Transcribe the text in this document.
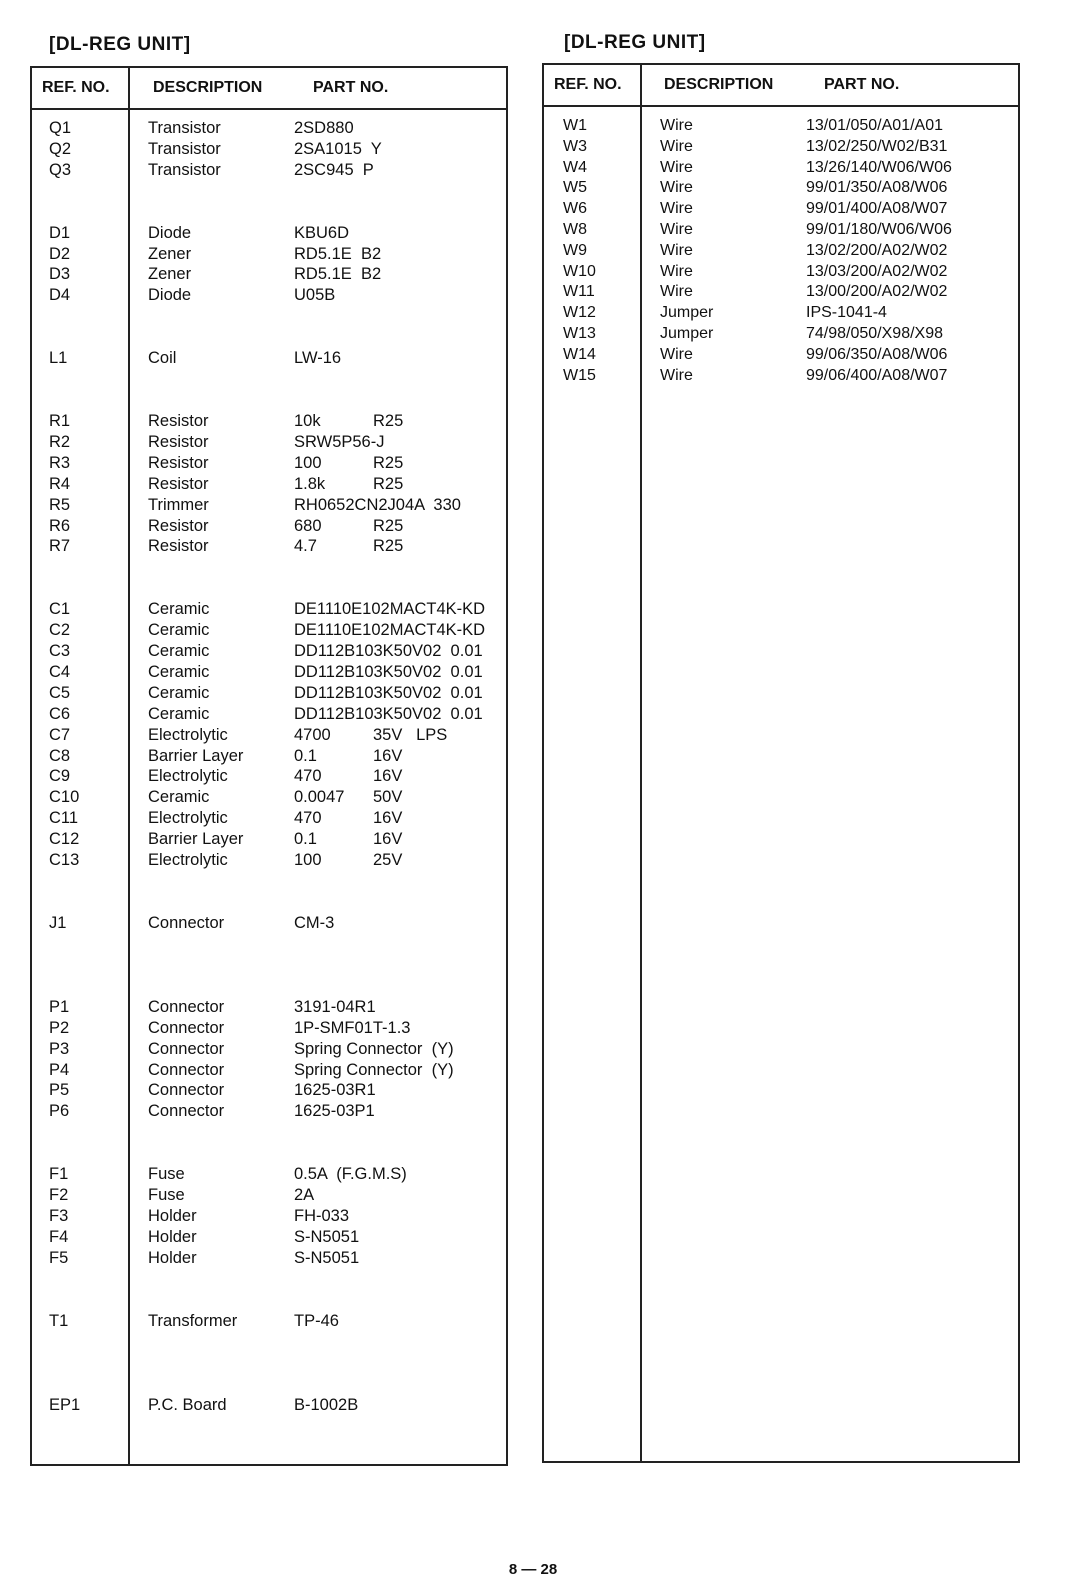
[DL-REG UNIT]	[DL-REG UNIT]
REF. NO.	DESCRIPTION	PART NO.
Q1	Transistor	2SD880
Q2	Transistor	2SA1015  Y
Q3	Transistor	2SC945  P
D1	Diode	KBU6D
D2	Zener	RD5.1E  B2
D3	Zener	RD5.1E  B2
D4	Diode	U05B
L1	Coil	LW-16
R1	Resistor	10k	R25
R2	Resistor	SRW5P56-J
R3	Resistor	100	R25
R4	Resistor	1.8k	R25
R5	Trimmer	RH0652CN2J04A  330
R6	Resistor	680	R25
R7	Resistor	4.7	R25
C1	Ceramic	DE1110E102MACT4K-KD
C2	Ceramic	DE1110E102MACT4K-KD
C3	Ceramic	DD112B103K50V02  0.01
C4	Ceramic	DD112B103K50V02  0.01
C5	Ceramic	DD112B103K50V02  0.01
C6	Ceramic	DD112B103K50V02  0.01
C7	Electrolytic	4700	35V   LPS
C8	Barrier Layer	0.1	16V
C9	Electrolytic	470	16V
C10	Ceramic	0.0047 50V
C11	Electrolytic	470	16V
C12	Barrier Layer	0.1	16V
C13	Electrolytic	100	25V
J1	Connector	CM-3
P1	Connector	3191-04R1
P2	Connector	1P-SMF01T-1.3
P3	Connector	Spring Connector  (Y)
P4	Connector	Spring Connector  (Y)
P5	Connector	1625-03R1
P6	Connector	1625-03P1
F1	Fuse	0.5A  (F.G.M.S)
F2	Fuse	2A
F3	Holder	FH-033
F4	Holder	S-N5051
F5	Holder	S-N5051
T1	Transformer	TP-46
EP1	P.C. Board	B-1002B
REF. NO.	DESCRIPTION	PART NO.
W1	Wire	13/01/050/A01/A01
W3	Wire	13/02/250/W02/B31
W4	Wire	13/26/140/W06/W06
W5	Wire	99/01/350/A08/W06
W6	Wire	99/01/400/A08/W07
W8	Wire	99/01/180/W06/W06
W9	Wire	13/02/200/A02/W02
W10	Wire	13/03/200/A02/W02
W11	Wire	13/00/200/A02/W02
W12	Jumper	IPS-1041-4
W13	Jumper	74/98/050/X98/X98
W14	Wire	99/06/350/A08/W06
W15	Wire	99/06/400/A08/W07
8 — 28
